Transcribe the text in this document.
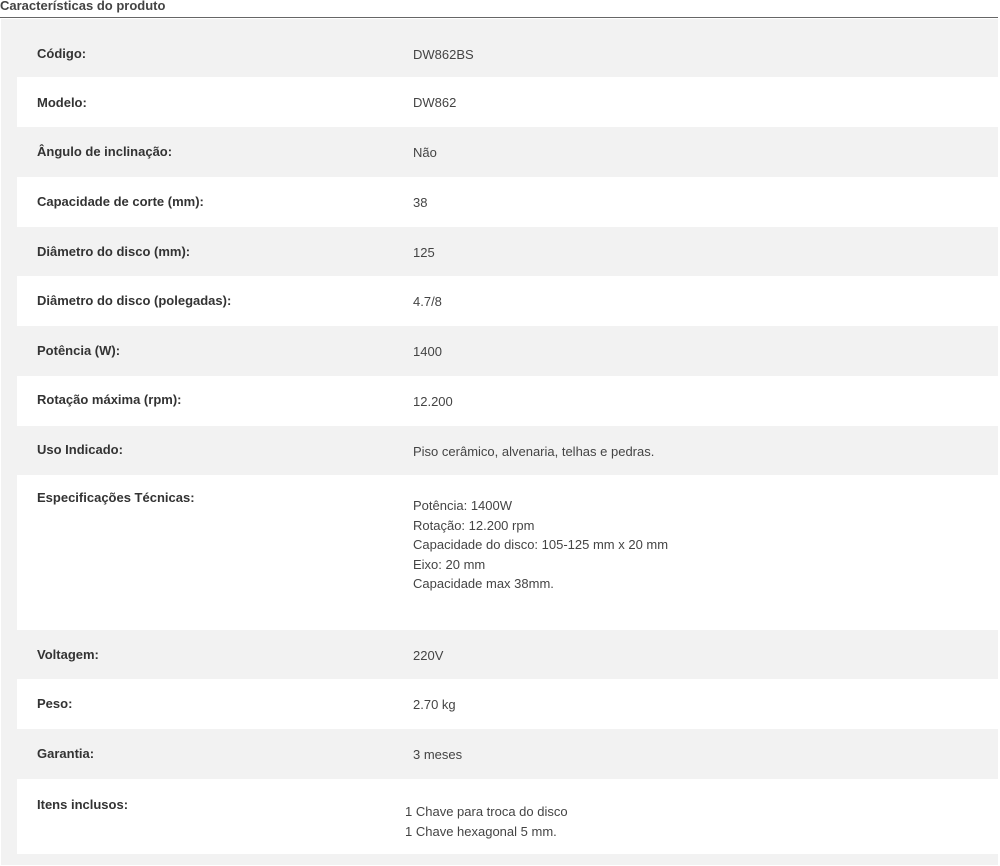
Características do produto
Código:	DW862BS
Modelo:	DW862
Ângulo de inclinação:	Não
Capacidade de corte (mm):	38
Diâmetro do disco (mm):	125
Diâmetro do disco (polegadas):	4.7/8
Potência (W):	1400
Rotação máxima (rpm):	12.200
Uso Indicado:	Piso cerâmico, alvenaria, telhas e pedras.
Especificações Técnicas:
Potência: 1400W
Rotação: 12.200 rpm
Capacidade do disco: 105-125 mm x 20 mm
Eixo: 20 mm
Capacidade max 38mm.
Voltagem:	220V
Peso:	2.70 kg
Garantia:	3 meses
Itens inclusos:	1 Chave para troca do disco
1 Chave hexagonal 5 mm.
